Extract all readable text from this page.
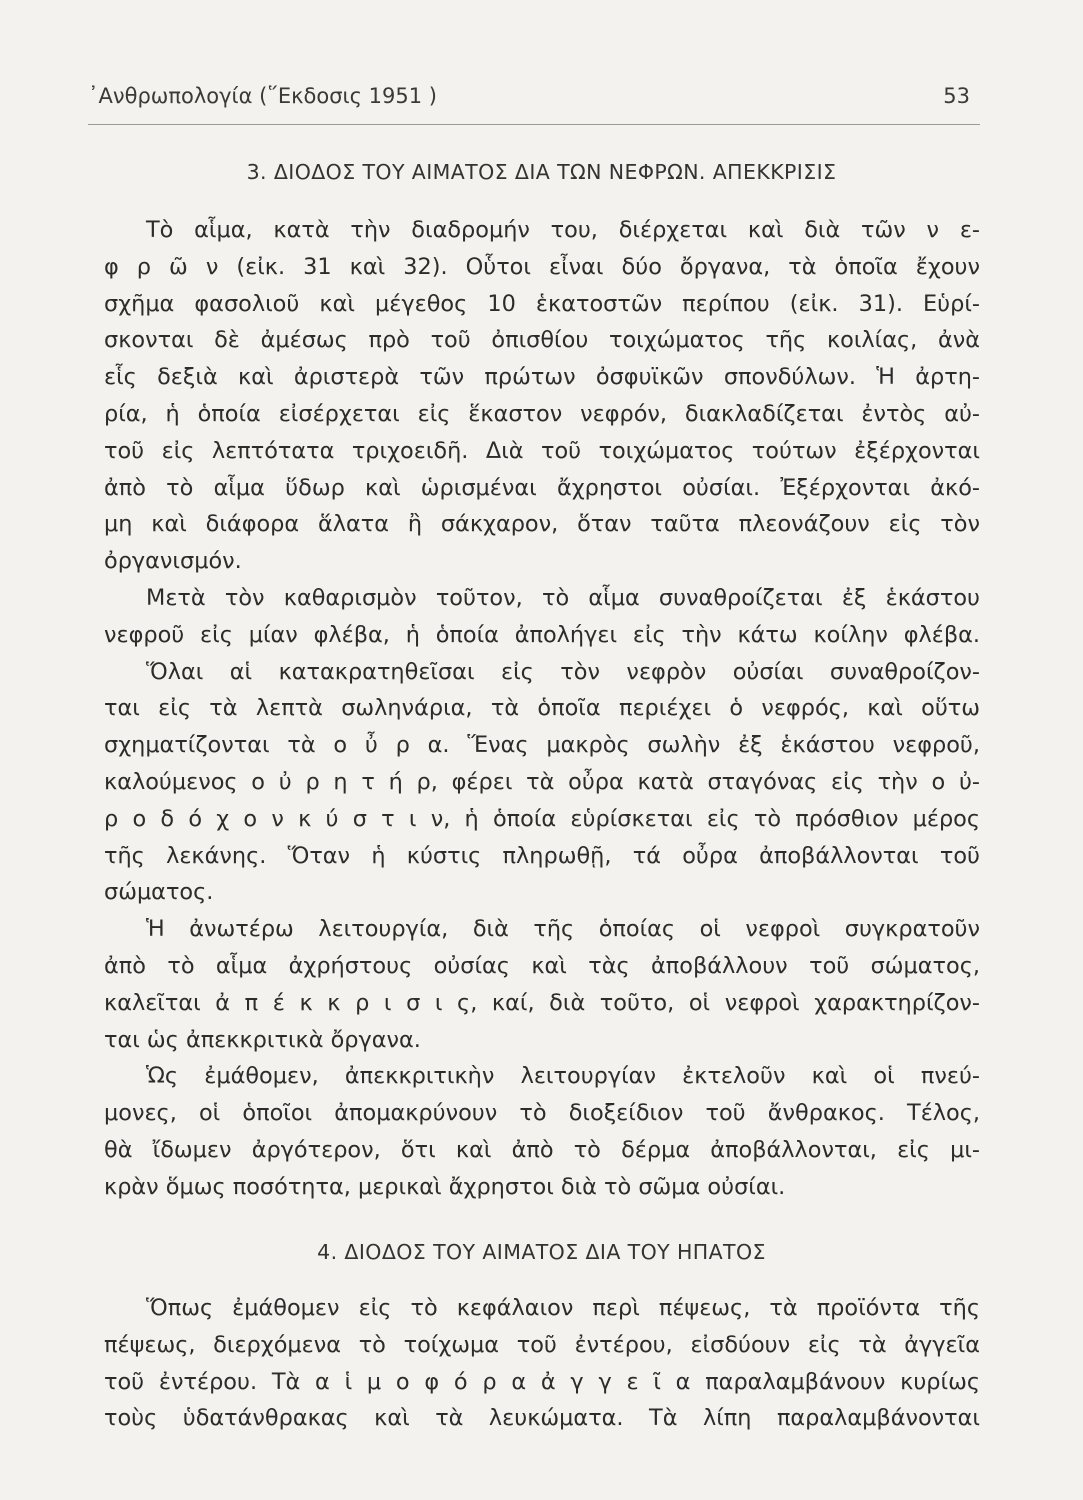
᾿Ανθρωπολογία (῞Εκδοσις 1951 )	53
3. ΔΙΟΔΟΣ ΤΟΥ ΑΙΜΑΤΟΣ ΔΙΑ ΤΩΝ ΝΕΦΡΩΝ. ΑΠΕΚΚΡΙΣΙΣ
Τὸ αἷμα, κατὰ τὴν διαδρομήν του, διέρχεται καὶ διὰ τῶν ν ε-
φ ρ ῶ ν (εἰκ. 31 καὶ 32). Οὗτοι εἶναι δύο ὄργανα, τὰ ὁποῖα ἔχουν
σχῆμα φασολιοῦ καὶ μέγεθος 10 ἑκατοστῶν περίπου (εἰκ. 31). Εὑρί-
σκονται δὲ ἀμέσως πρὸ τοῦ ὀπισθίου τοιχώματος τῆς κοιλίας, ἀνὰ
εἷς δεξιὰ καὶ ἀριστερὰ τῶν πρώτων ὀσφυϊκῶν σπονδύλων. Ἡ ἀρτη-
ρία, ἡ ὁποία εἰσέρχεται εἰς ἕκαστον νεφρόν, διακλαδίζεται ἐντὸς αὐ-
τοῦ εἰς λεπτότατα τριχοειδῆ. Διὰ τοῦ τοιχώματος τούτων ἐξέρχονται
ἀπὸ τὸ αἷμα ὕδωρ καὶ ὡρισμέναι ἄχρηστοι οὐσίαι. Ἐξέρχονται ἀκό-
μη καὶ διάφορα ἅλατα ἢ σάκχαρον, ὅταν ταῦτα πλεονάζουν εἰς τὸν
ὀργανισμόν.
Μετὰ τὸν καθαρισμὸν τοῦτον, τὸ αἷμα συναθροίζεται ἐξ ἑκάστου
νεφροῦ εἰς μίαν φλέβα, ἡ ὁποία ἀπολήγει εἰς τὴν κάτω κοίλην φλέβα.
Ὅλαι αἱ κατακρατηθεῖσαι εἰς τὸν νεφρὸν οὐσίαι συναθροίζον-
ται εἰς τὰ λεπτὰ σωληνάρια, τὰ ὁποῖα περιέχει ὁ νεφρός, καὶ οὕτω
σχηματίζονται τὰ ο ὖ ρ α. Ἕνας μακρὸς σωλὴν ἐξ ἑκάστου νεφροῦ,
καλούμενος ο ὐ ρ η τ ή ρ, φέρει τὰ οὖρα κατὰ σταγόνας εἰς τὴν ο ὐ-
ρ ο δ ό χ ο ν κ ύ σ τ ι ν, ἡ ὁποία εὑρίσκεται εἰς τὸ πρόσθιον μέρος
τῆς λεκάνης. Ὅταν ἡ κύστις πληρωθῇ, τά οὖρα ἀποβάλλονται τοῦ
σώματος.
Ἡ ἀνωτέρω λειτουργία, διὰ τῆς ὁποίας οἱ νεφροὶ συγκρατοῦν
ἀπὸ τὸ αἷμα ἀχρήστους οὐσίας καὶ τὰς ἀποβάλλουν τοῦ σώματος,
καλεῖται ἀ π έ κ κ ρ ι σ ι ς, καί, διὰ τοῦτο, οἱ νεφροὶ χαρακτηρίζον-
ται ὡς ἀπεκκριτικὰ ὄργανα.
Ὡς ἐμάθομεν, ἀπεκκριτικὴν λειτουργίαν ἐκτελοῦν καὶ οἱ πνεύ-
μονες, οἱ ὁποῖοι ἀπομακρύνουν τὸ διοξείδιον τοῦ ἄνθρακος. Τέλος,
θὰ ἴδωμεν ἀργότερον, ὅτι καὶ ἀπὸ τὸ δέρμα ἀποβάλλονται, εἰς μι-
κρὰν ὅμως ποσότητα, μερικαὶ ἄχρηστοι διὰ τὸ σῶμα οὐσίαι.
4. ΔΙΟΔΟΣ ΤΟΥ ΑΙΜΑΤΟΣ ΔΙΑ ΤΟΥ ΗΠΑΤΟΣ
Ὅπως ἐμάθομεν εἰς τὸ κεφάλαιον περὶ πέψεως, τὰ προϊόντα τῆς
πέψεως, διερχόμενα τὸ τοίχωμα τοῦ ἐντέρου, εἰσδύουν εἰς τὰ ἀγγεῖα
τοῦ ἐντέρου. Τὰ α ἱ μ ο φ ό ρ α ἀ γ γ ε ῖ α παραλαμβάνουν κυρίως
τοὺς ὑδατάνθρακας καὶ τὰ λευκώματα. Τὰ λίπη παραλαμβάνονται
